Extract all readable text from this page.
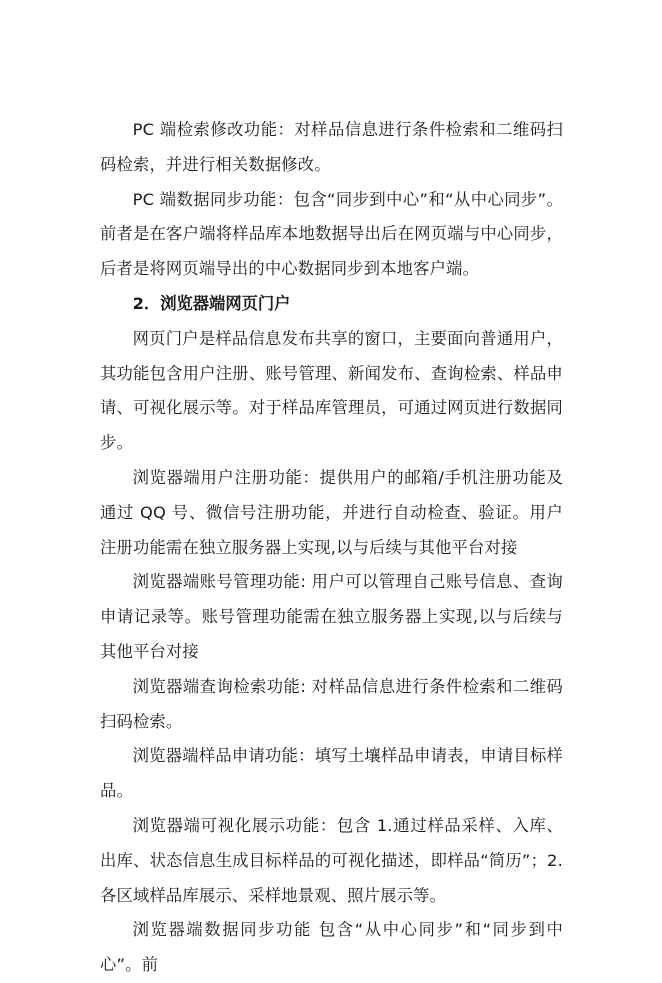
PC 端检索修改功能：对样品信息进行条件检索和二维码扫码检索，并进行相关数据修改。

PC 端数据同步功能：包含“同步到中心”和“从中心同步”。前者是在客户端将样品库本地数据导出后在网页端与中心同步，后者是将网页端导出的中心数据同步到本地客户端。

2．浏览器端网页门户

网页门户是样品信息发布共享的窗口，主要面向普通用户，其功能包含用户注册、账号管理、新闻发布、查询检索、样品申请、可视化展示等。对于样品库管理员，可通过网页进行数据同步。

浏览器端用户注册功能：提供用户的邮箱/手机注册功能及通过 QQ 号、微信号注册功能，并进行自动检查、验证。用户注册功能需在独立服务器上实现,以与后续与其他平台对接

浏览器端账号管理功能: 用户可以管理自己账号信息、查询申请记录等。账号管理功能需在独立服务器上实现,以与后续与其他平台对接

浏览器端查询检索功能: 对样品信息进行条件检索和二维码扫码检索。

浏览器端样品申请功能：填写土壤样品申请表，申请目标样品。

浏览器端可视化展示功能：包含 1.通过样品采样、入库、出库、状态信息生成目标样品的可视化描述，即样品“简历”；2.各区域样品库展示、采样地景观、照片展示等。

浏览器端数据同步功能 包含“从中心同步”和“同步到中心”。前
